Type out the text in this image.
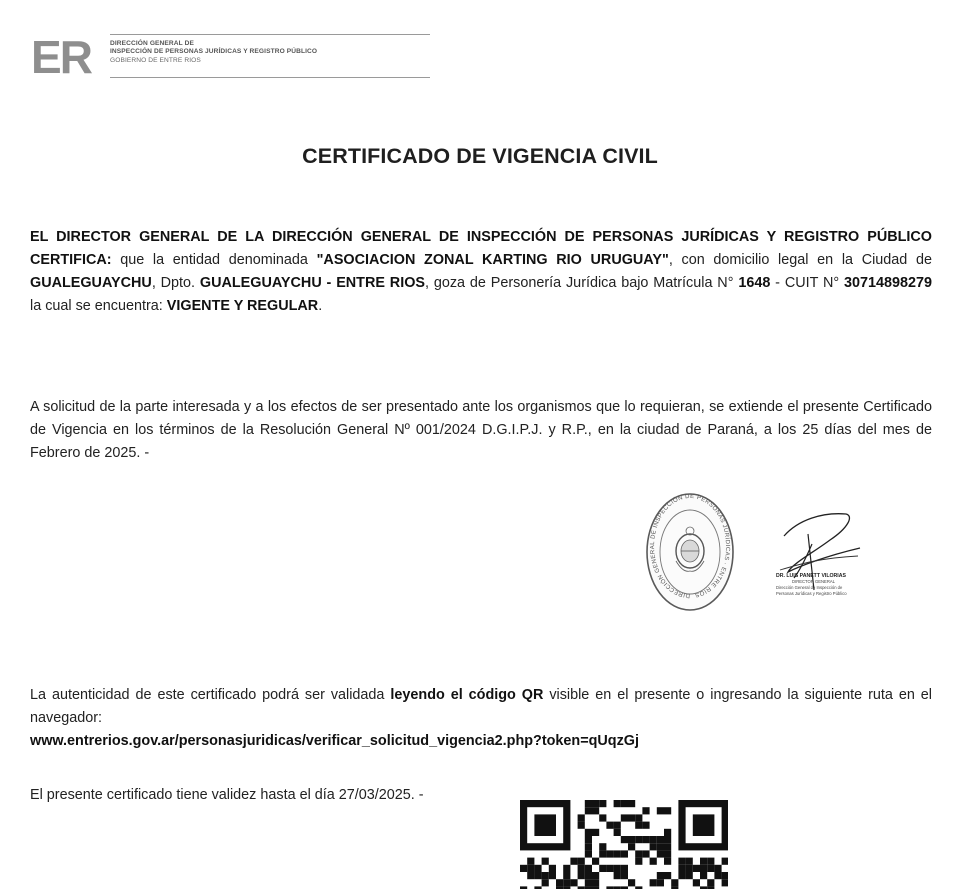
ER	DIRECCIÓN GENERAL DE
INSPECCIÓN DE PERSONAS JURÍDICAS Y REGISTRO PÚBLICO
GOBIERNO DE ENTRE RIOS
CERTIFICADO DE VIGENCIA CIVIL

EL DIRECTOR GENERAL DE LA DIRECCIÓN GENERAL DE INSPECCIÓN DE PERSONAS JURÍDICAS Y REGISTRO PÚBLICO CERTIFICA: que la entidad denominada "ASOCIACION ZONAL KARTING RIO URUGUAY", con domicilio legal en la Ciudad de GUALEGUAYCHU, Dpto. GUALEGUAYCHU - ENTRE RIOS, goza de Personería Jurídica bajo Matrícula N° 1648 - CUIT N° 30714898279 la cual se encuentra: VIGENTE Y REGULAR.

A solicitud de la parte interesada y a los efectos de ser presentado ante los organismos que lo requieran, se extiende el presente Certificado de Vigencia en los términos de la Resolución General Nº 001/2024 D.G.I.P.J. y R.P., en la ciudad de Paraná, a los 25 días del mes de Febrero de 2025. -

DIRECCIÓN GENERAL DE INSPECCIÓN DE PERSONAS JURÍDICAS · ENTRE RIOS
DR. LUIS PANETT VILORIAS
DIRECTOR GENERAL
Dirección General de Inspección de
Personas Jurídicas y Registro Público

La autenticidad de este certificado podrá ser validada leyendo el código QR visible en el presente o ingresando la siguiente ruta en el navegador:
www.entrerios.gov.ar/personasjuridicas/verificar_solicitud_vigencia2.php?token=qUqzGj

El presente certificado tiene validez hasta el día 27/03/2025. -
